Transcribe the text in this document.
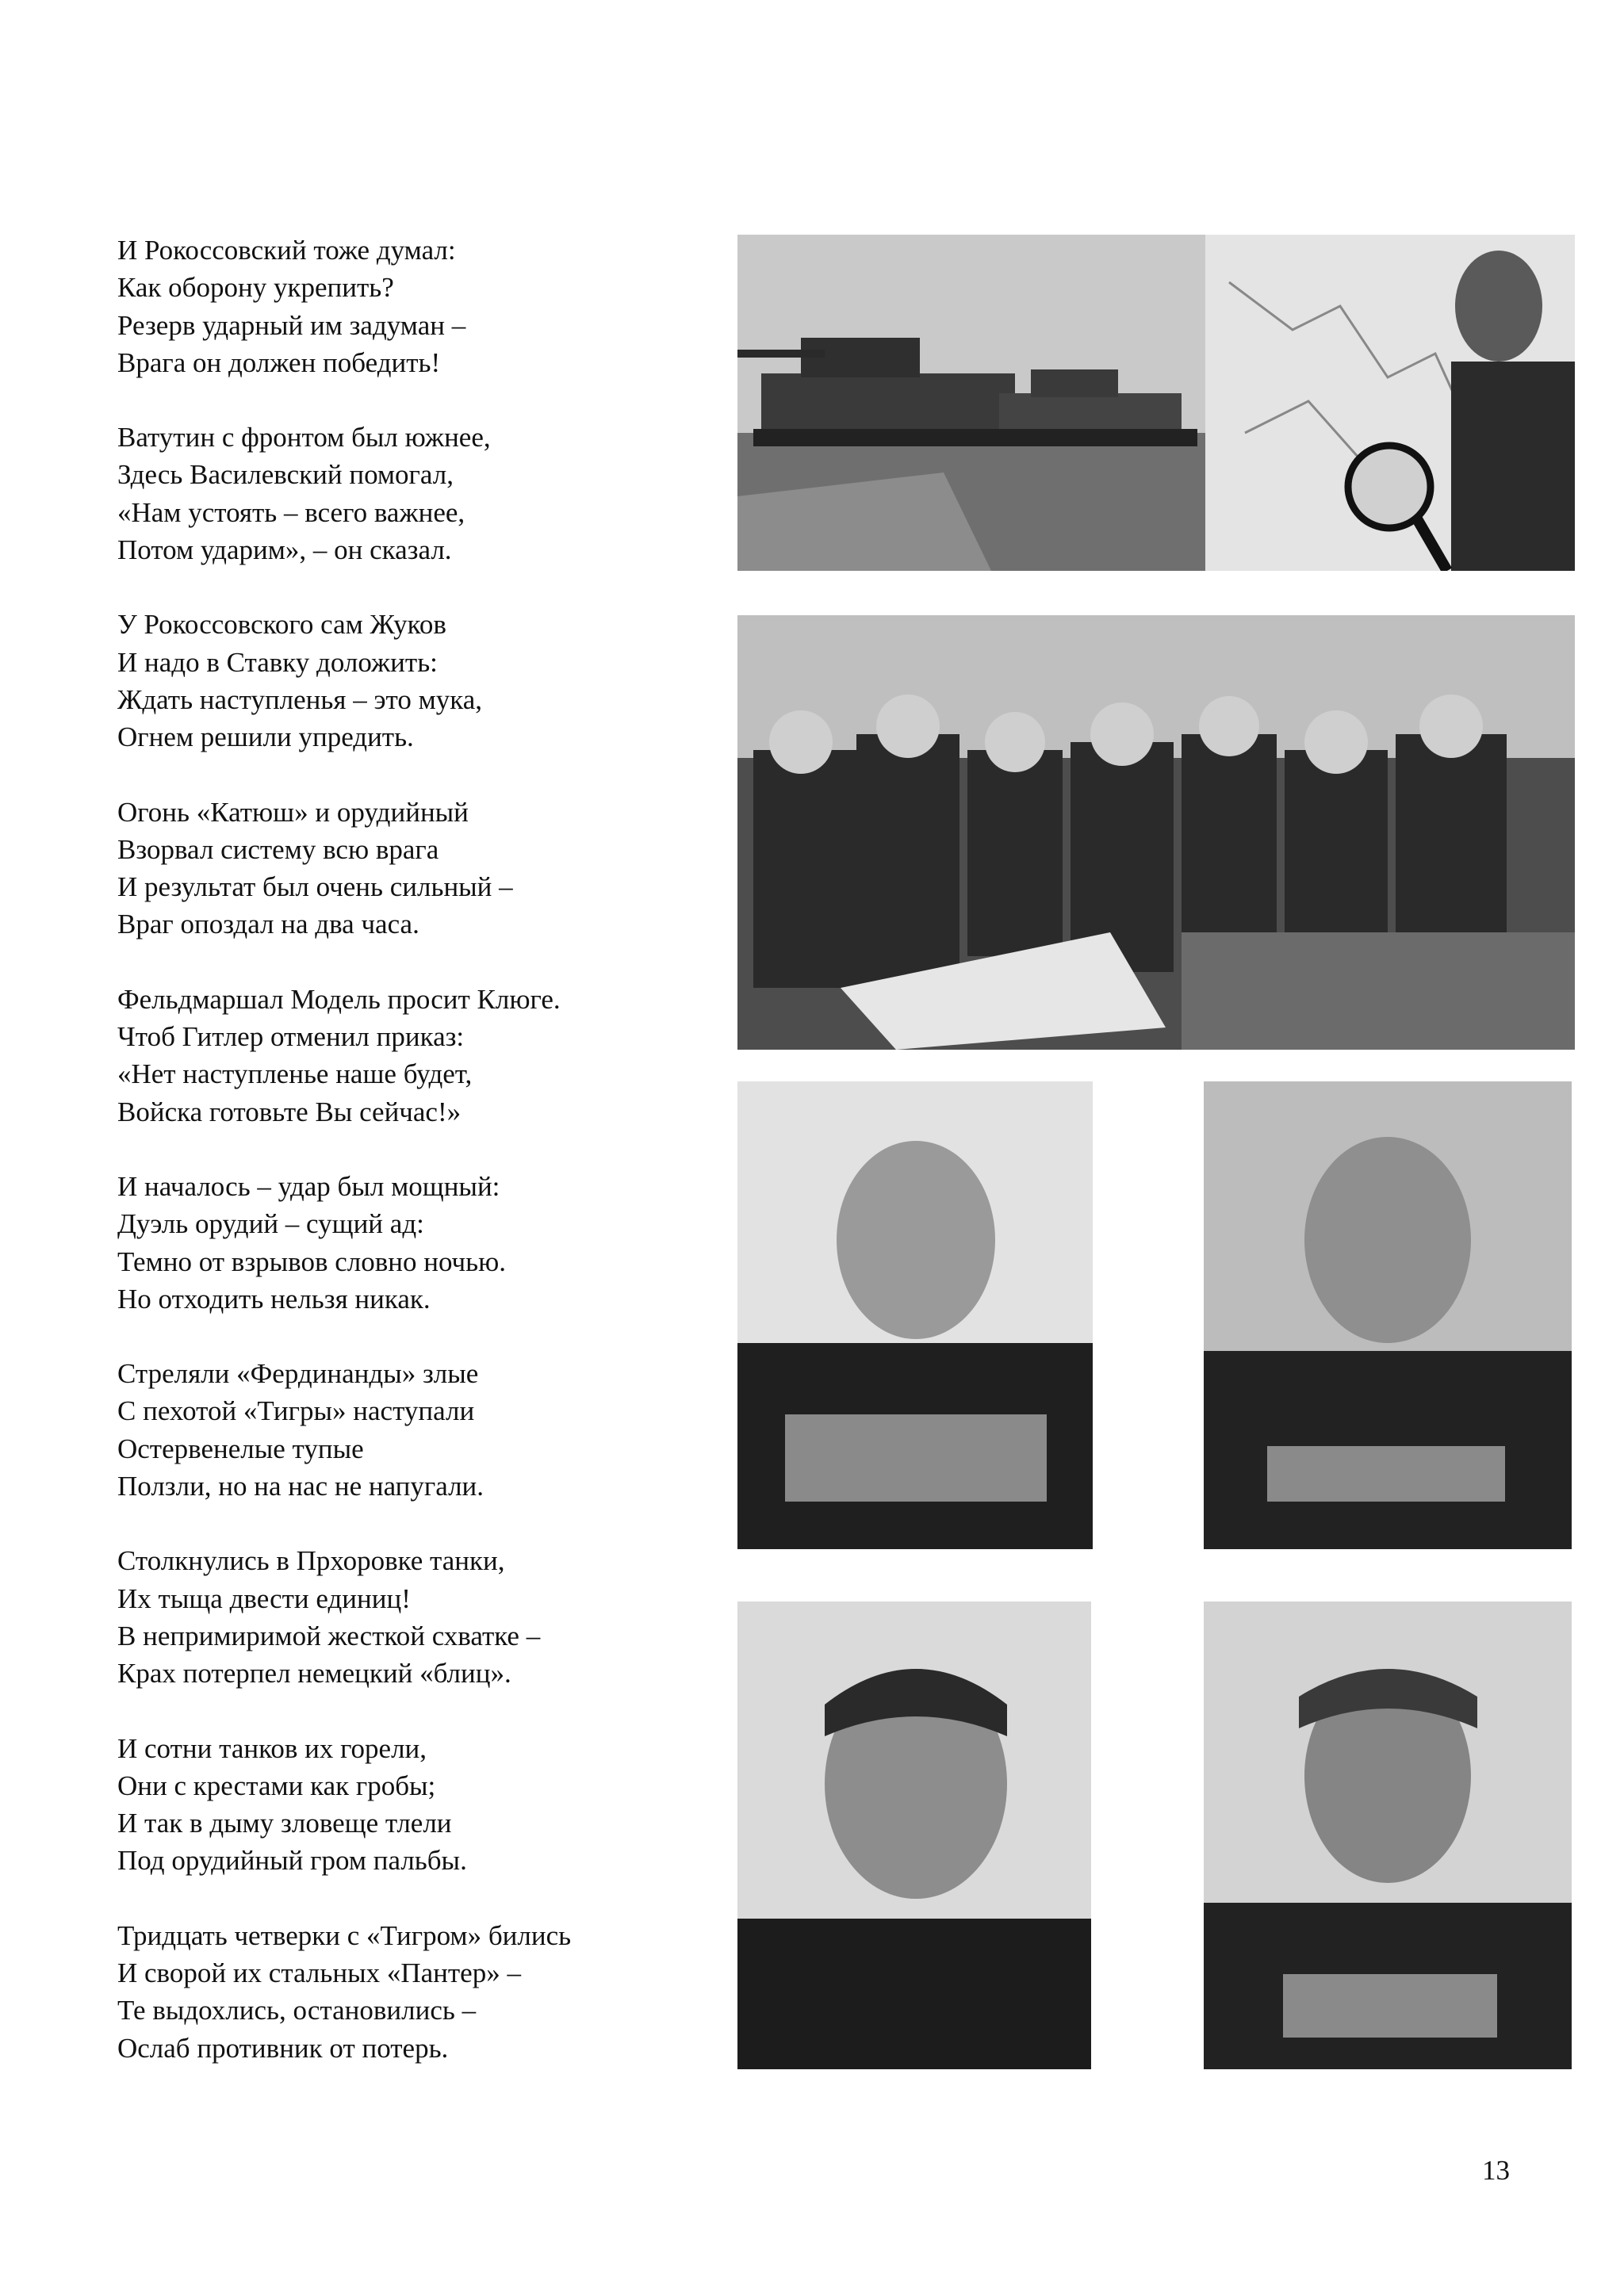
И Рокоссовский тоже думал:
Как оборону укрепить?
Резерв ударный им задуман –
Врага он должен победить!
Ватутин с фронтом был южнее,
Здесь Василевский помогал,
«Нам устоять – всего важнее,
Потом ударим», – он сказал.
У Рокоссовского сам Жуков
И надо в Ставку доложить:
Ждать наступленья – это мука,
Огнем решили упредить.
Огонь «Катюш» и орудийный
Взорвал систему всю врага
И результат был очень сильный –
Враг опоздал на два часа.
Фельдмаршал Модель просит Клюге.
Чтоб Гитлер отменил приказ:
«Нет наступленье наше будет,
Войска готовьте Вы сейчас!»
И началось – удар был мощный:
Дуэль орудий – сущий ад:
Темно от взрывов словно ночью.
Но отходить нельзя никак.
Стреляли «Фердинанды» злые
С пехотой «Тигры» наступали
Остервенелые тупые
Ползли, но на нас не напугали.
Столкнулись в Прхоровке танки,
Их тыща двести единиц!
В непримиримой жесткой схватке –
Крах потерпел немецкий «блиц».
И сотни танков их горели,
Они с крестами как гробы;
И так в дыму зловеще тлели
Под орудийный гром пальбы.
Тридцать четверки с «Тигром» бились
И сворой их стальных «Пантер» –
Те выдохлись, остановились –
Ослаб противник от потерь.
13
